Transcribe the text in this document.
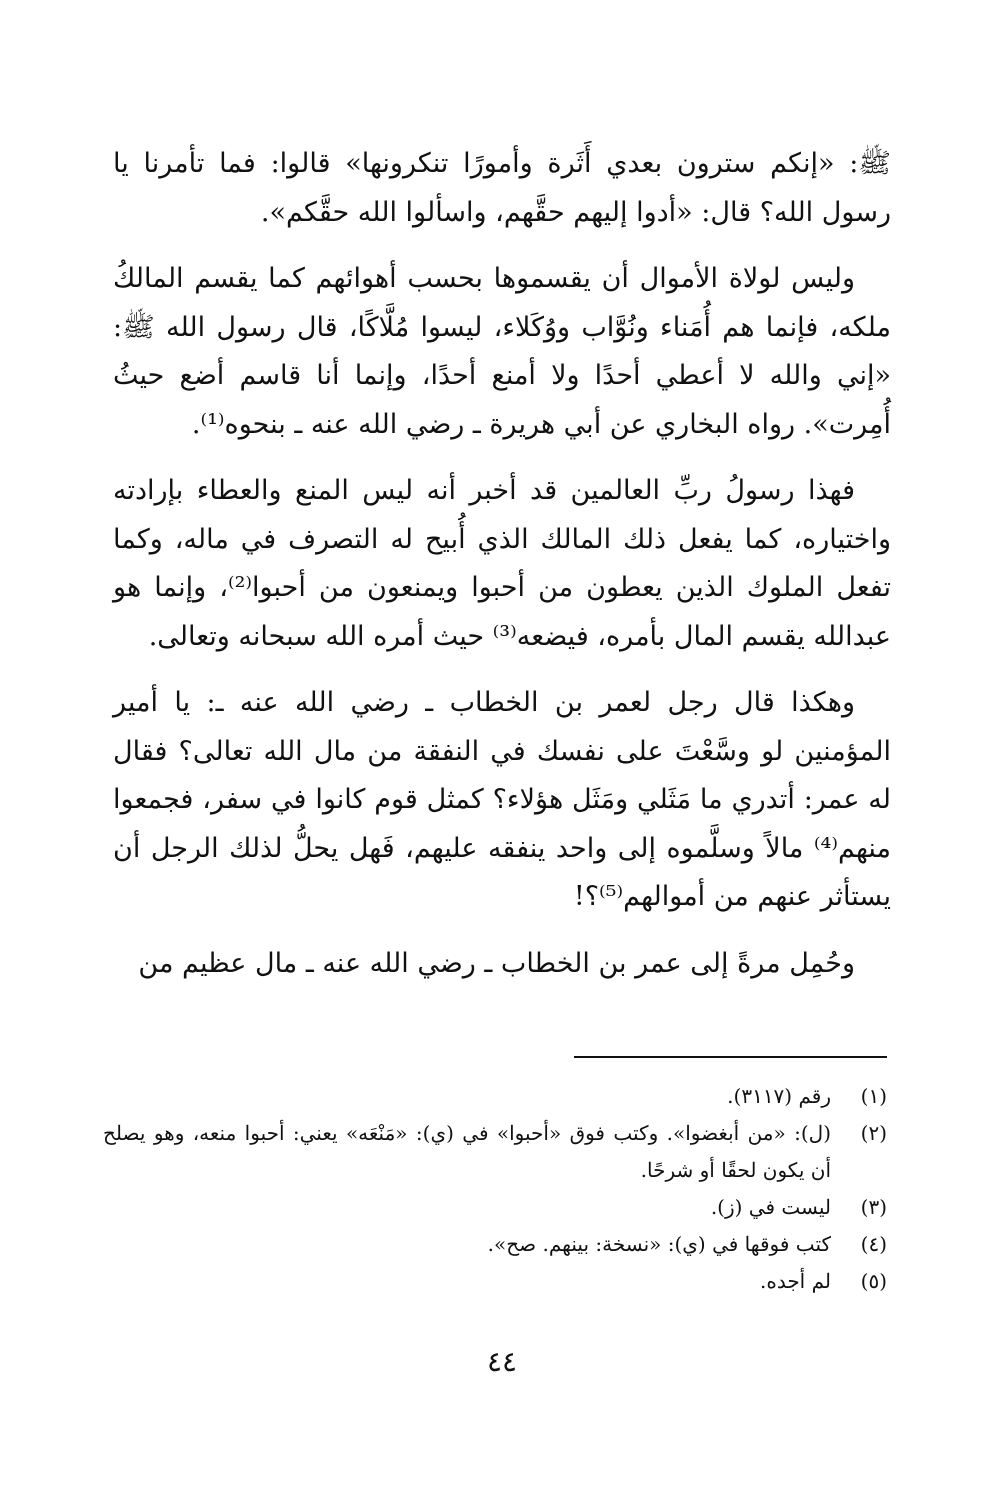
ﷺ: «إنكم سترون بعدي أَثَرة وأمورًا تنكرونها» قالوا: فما تأمرنا يا رسول الله؟ قال: «أدوا إليهم حقَّهم، واسألوا الله حقَّكم».

وليس لولاة الأموال أن يقسموها بحسب أهوائهم كما يقسم المالكُ ملكه، فإنما هم أُمَناء ونُوَّاب ووُكَلاء، ليسوا مُلَّاكًا، قال رسول الله ﷺ: «إني والله لا أعطي أحدًا ولا أمنع أحدًا، وإنما أنا قاسم أضع حيثُ أُمِرت». رواه البخاري عن أبي هريرة ـ رضي الله عنه ـ بنحوه⁽¹⁾.

فهذا رسولُ ربِّ العالمين قد أخبر أنه ليس المنع والعطاء بإرادته واختياره، كما يفعل ذلك المالك الذي أُبيح له التصرف في ماله، وكما تفعل الملوك الذين يعطون من أحبوا ويمنعون من أحبوا⁽²⁾، وإنما هو عبدالله يقسم المال بأمره، فيضعه⁽³⁾ حيث أمره الله سبحانه وتعالى.

وهكذا قال رجل لعمر بن الخطاب ـ رضي الله عنه ـ: يا أمير المؤمنين لو وسَّعْتَ على نفسك في النفقة من مال الله تعالى؟ فقال له عمر: أتدري ما مَثَلي ومَثَل هؤلاء؟ كمثل قوم كانوا في سفر، فجمعوا منهم⁽⁴⁾ مالاً وسلَّموه إلى واحد ينفقه عليهم، فَهل يحلُّ لذلك الرجل أن يستأثر عنهم من أموالهم⁽⁵⁾؟!

وحُمِل مرةً إلى عمر بن الخطاب ـ رضي الله عنه ـ مال عظيم من

(١)
رقم (٣١١٧).
(٢)
(ل): «من أبغضوا». وكتب فوق «أحبوا» في (ي): «مَنْعَه» يعني: أحبوا منعه، وهو يصلح أن يكون لحقًا أو شرحًا.
(٣)
ليست في (ز).
(٤)
كتب فوقها في (ي): «نسخة: بينهم. صح».
(٥)
لم أجده.
٤٤
